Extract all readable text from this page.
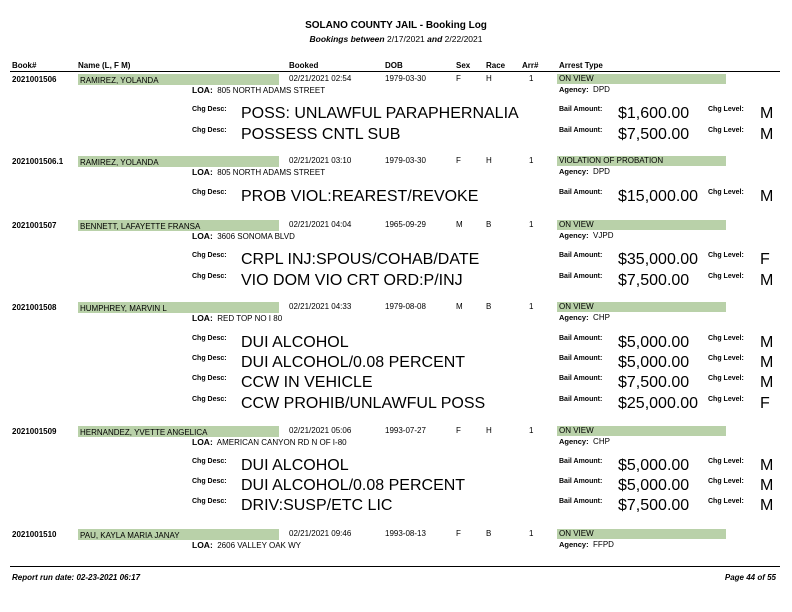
SOLANO COUNTY JAIL - Booking Log
Bookings between 2/17/2021 and 2/22/2021
Book#	Name (L, F M)	Booked	DOB	Sex Race Arr#	Arrest Type
2021001506	RAMIREZ, YOLANDA	02/21/2021 02:54	1979-03-30	F	H	1	ON VIEW
LOA: 805 NORTH ADAMS STREET	Agency: DPD
Chg Desc: POSS: UNLAWFUL PARAPHERNALIA	Bail Amount: $1,600.00	Chg Level: M
Chg Desc: POSSESS CNTL SUB	Bail Amount: $7,500.00	Chg Level: M
2021001506.1 RAMIREZ, YOLANDA	02/21/2021 03:10	1979-03-30	F	H	1	VIOLATION OF PROBATION
LOA: 805 NORTH ADAMS STREET	Agency: DPD
Chg Desc: PROB VIOL:REAREST/REVOKE	Bail Amount: $15,000.00 Chg Level: M
2021001507	BENNETT, LAFAYETTE FRANSA	02/21/2021 04:04	1965-09-29	M	B	1	ON VIEW
LOA: 3606 SONOMA BLVD	Agency: VJPD
Chg Desc: CRPL INJ:SPOUS/COHAB/DATE	Bail Amount: $35,000.00 Chg Level: F
Chg Desc: VIO DOM VIO CRT ORD:P/INJ	Bail Amount: $7,500.00	Chg Level: M
2021001508	HUMPHREY, MARVIN L	02/21/2021 04:33	1979-08-08	M	B	1	ON VIEW
LOA: RED TOP NO I 80	Agency: CHP
Chg Desc: DUI ALCOHOL	Bail Amount: $5,000.00	Chg Level: M
Chg Desc: DUI ALCOHOL/0.08 PERCENT	Bail Amount: $5,000.00	Chg Level: M
Chg Desc: CCW IN VEHICLE	Bail Amount: $7,500.00	Chg Level: M
Chg Desc: CCW PROHIB/UNLAWFUL POSS	Bail Amount: $25,000.00 Chg Level: F
2021001509	HERNANDEZ, YVETTE ANGELICA	02/21/2021 05:06	1993-07-27	F	H	1	ON VIEW
LOA: AMERICAN CANYON RD N OF I-80	Agency: CHP
Chg Desc: DUI ALCOHOL	Bail Amount: $5,000.00	Chg Level: M
Chg Desc: DUI ALCOHOL/0.08 PERCENT	Bail Amount: $5,000.00	Chg Level: M
Chg Desc: DRIV:SUSP/ETC LIC	Bail Amount: $7,500.00	Chg Level: M
2021001510	PAU, KAYLA MARIA JANAY	02/21/2021 09:46	1993-08-13	F	B	1	ON VIEW
LOA: 2606 VALLEY OAK WY	Agency: FFPD
Report run date: 02-23-2021 06:17	Page 44 of 55
